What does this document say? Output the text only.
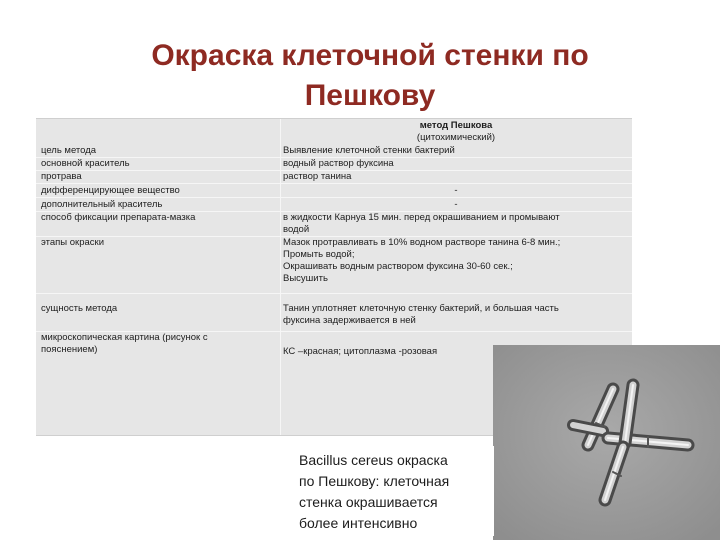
Окраска клеточной стенки по
Пешкову
метод Пешкова
(цитохимический)
цель метода	Выявление клеточной стенки бактерий
основной краситель	водный раствор фуксина
протрава	раствор танина
дифференцирующее вещество	-
дополнительный краситель	-
способ фиксации препарата-мазка	в жидкости Карнуа 15 мин. перед окрашиванием и промывают
водой
этапы окраски	Мазок протравливать в 10% водном растворе танина 6-8 мин.;
Промыть водой;
Окрашивать водным раствором фуксина 30-60 сек.;
Высушить
сущность метода	Танин уплотняет клеточную стенку бактерий, и большая часть
фуксина задерживается в ней
микроскопическая картина (рисунок с
пояснением)	КС –красная; цитоплазма -розовая
Bacillus cereus окраска
по Пешкову: клеточная
стенка окрашивается
более интенсивно
